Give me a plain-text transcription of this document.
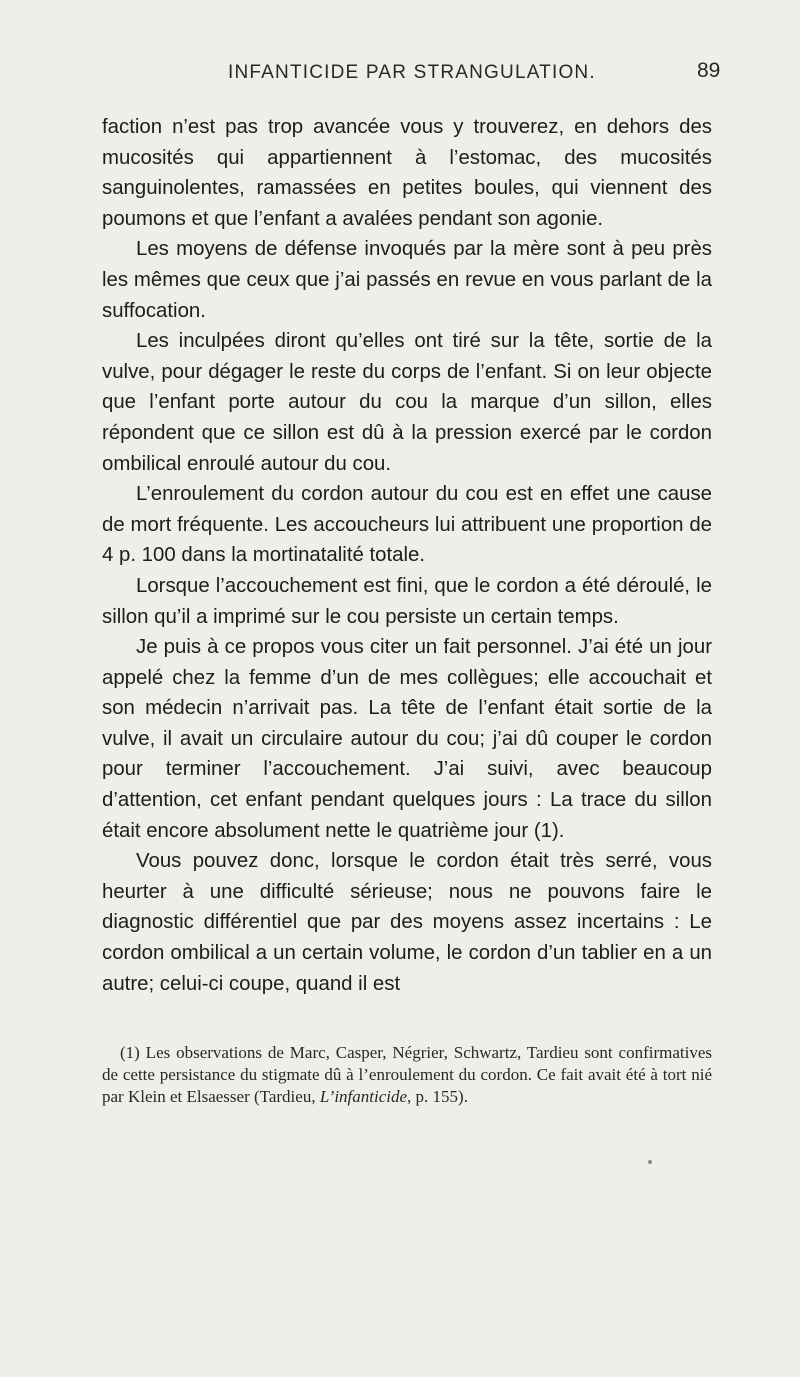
INFANTICIDE PAR STRANGULATION.	89

faction n’est pas trop avancée vous y trouverez, en dehors des mucosités qui appartiennent à l’estomac, des mucosités sanguinolentes, ramassées en petites boules, qui viennent des poumons et que l’enfant a avalées pendant son agonie.

Les moyens de défense invoqués par la mère sont à peu près les mêmes que ceux que j’ai passés en revue en vous parlant de la suffocation.

Les inculpées diront qu’elles ont tiré sur la tête, sortie de la vulve, pour dégager le reste du corps de l’enfant. Si on leur objecte que l’enfant porte autour du cou la marque d’un sillon, elles répondent que ce sillon est dû à la pression exercé par le cordon ombilical enroulé autour du cou.

L’enroulement du cordon autour du cou est en effet une cause de mort fréquente. Les accoucheurs lui attribuent une proportion de 4 p. 100 dans la mortinatalité totale.

Lorsque l’accouchement est fini, que le cordon a été déroulé, le sillon qu’il a imprimé sur le cou persiste un certain temps.

Je puis à ce propos vous citer un fait personnel. J’ai été un jour appelé chez la femme d’un de mes collègues; elle accouchait et son médecin n’arrivait pas. La tête de l’enfant était sortie de la vulve, il avait un circulaire autour du cou; j’ai dû couper le cordon pour terminer l’accouchement. J’ai suivi, avec beaucoup d’attention, cet enfant pendant quelques jours : La trace du sillon était encore absolument nette le quatrième jour (1).

Vous pouvez donc, lorsque le cordon était très serré, vous heurter à une difficulté sérieuse; nous ne pouvons faire le diagnostic différentiel que par des moyens assez incertains : Le cordon ombilical a un certain volume, le cordon d’un tablier en a un autre; celui-ci coupe, quand il est

(1) Les observations de Marc, Casper, Négrier, Schwartz, Tardieu sont confirmatives de cette persistance du stigmate dû à l’enroulement du cordon. Ce fait avait été à tort nié par Klein et Elsaesser (Tardieu, L’infanticide, p. 155).
